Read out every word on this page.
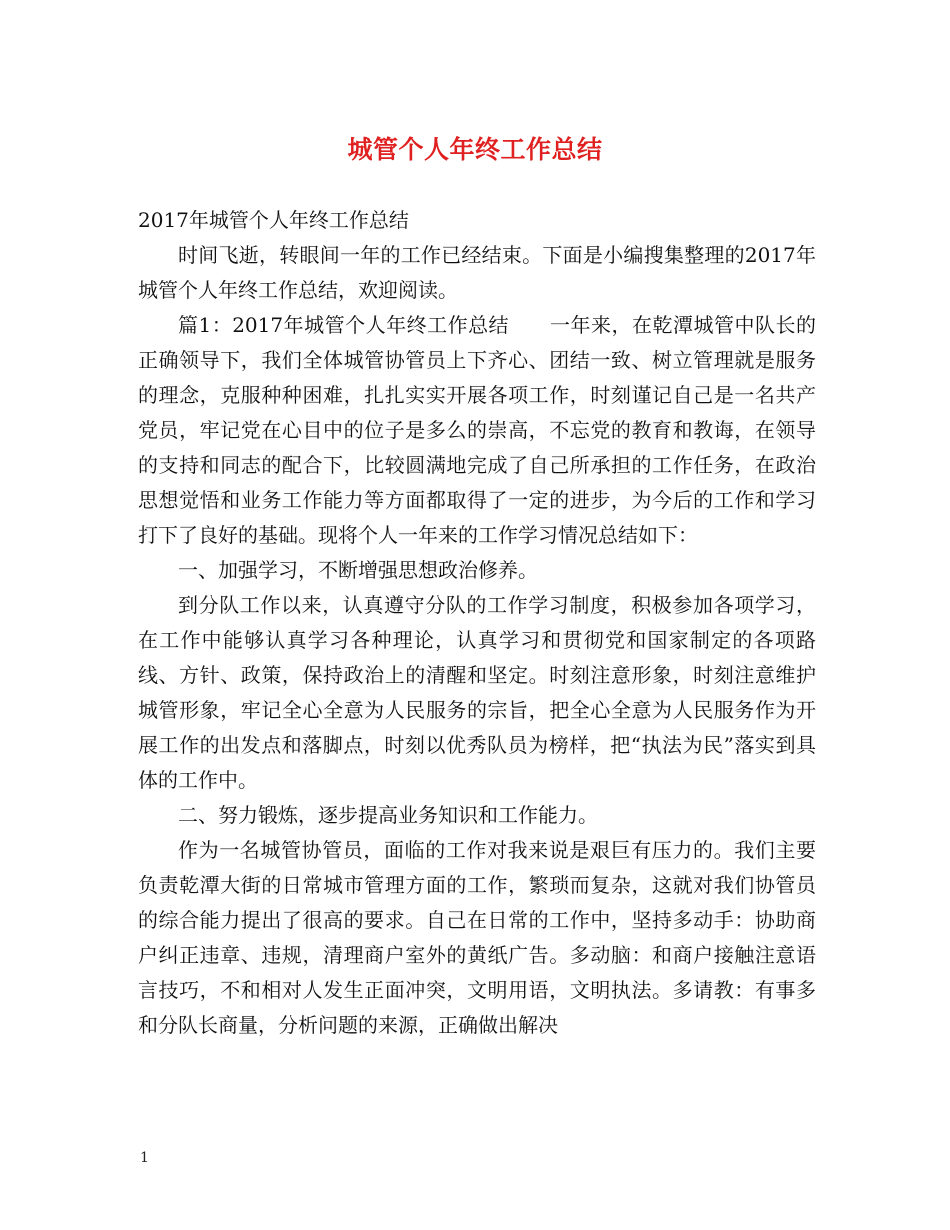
城管个人年终工作总结

2017年城管个人年终工作总结

时间飞逝，转眼间一年的工作已经结束。下面是小编搜集整理的2017年城管个人年终工作总结，欢迎阅读。

篇1：2017年城管个人年终工作总结　　一年来，在乾潭城管中队长的正确领导下，我们全体城管协管员上下齐心、团结一致、树立管理就是服务的理念，克服种种困难，扎扎实实开展各项工作，时刻谨记自己是一名共产党员，牢记党在心目中的位子是多么的崇高，不忘党的教育和教诲，在领导的支持和同志的配合下，比较圆满地完成了自己所承担的工作任务，在政治思想觉悟和业务工作能力等方面都取得了一定的进步，为今后的工作和学习打下了良好的基础。现将个人一年来的工作学习情况总结如下：

一、加强学习，不断增强思想政治修养。

到分队工作以来，认真遵守分队的工作学习制度，积极参加各项学习，在工作中能够认真学习各种理论，认真学习和贯彻党和国家制定的各项路线、方针、政策，保持政治上的清醒和坚定。时刻注意形象，时刻注意维护城管形象，牢记全心全意为人民服务的宗旨，把全心全意为人民服务作为开展工作的出发点和落脚点，时刻以优秀队员为榜样，把“执法为民”落实到具体的工作中。

二、努力锻炼，逐步提高业务知识和工作能力。

作为一名城管协管员，面临的工作对我来说是艰巨有压力的。我们主要负责乾潭大街的日常城市管理方面的工作，繁琐而复杂，这就对我们协管员的综合能力提出了很高的要求。自己在日常的工作中，坚持多动手：协助商户纠正违章、违规，清理商户室外的黄纸广告。多动脑：和商户接触注意语言技巧，不和相对人发生正面冲突，文明用语，文明执法。多请教：有事多和分队长商量，分析问题的来源，正确做出解决

1
